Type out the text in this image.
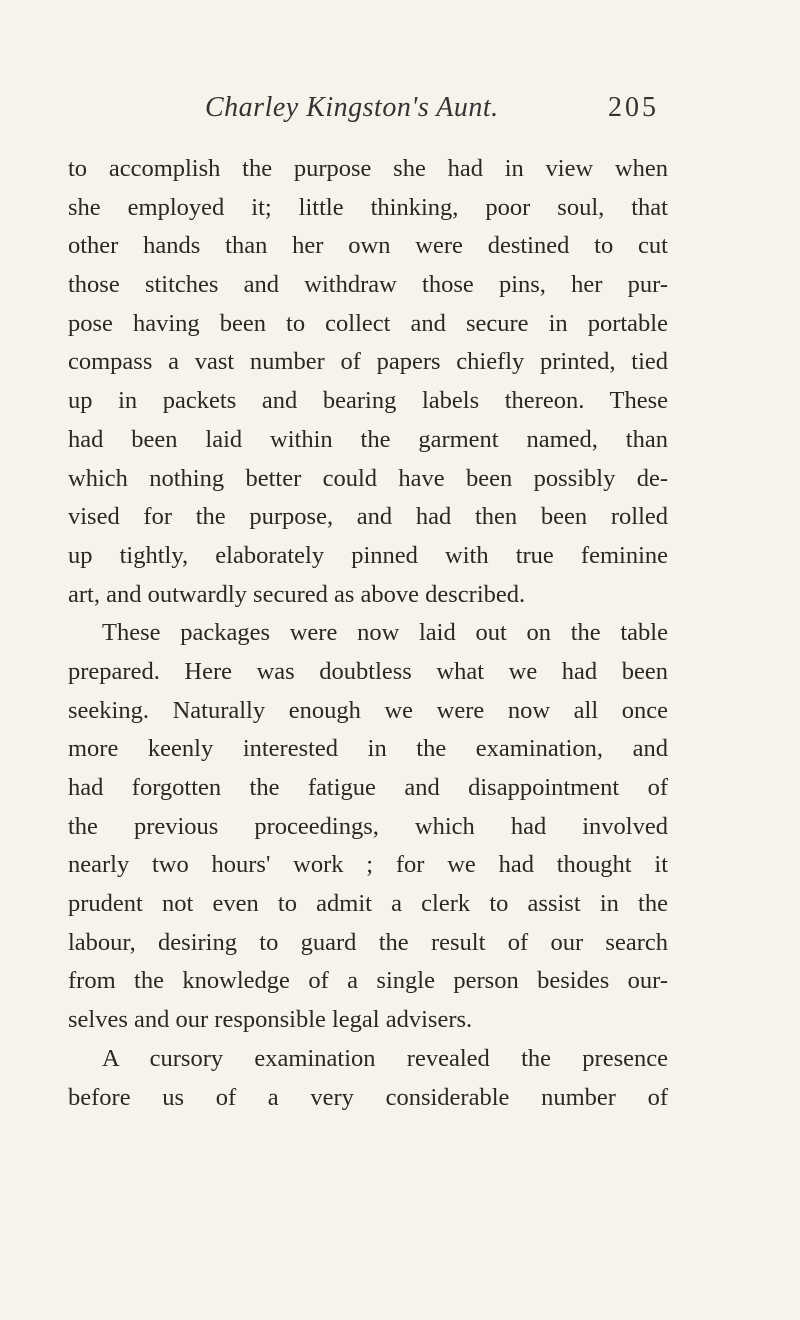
Charley Kingston's Aunt.	205
to accomplish the purpose she had in view when
she employed it; little thinking, poor soul, that
other hands than her own were destined to cut
those stitches and withdraw those pins, her pur-
pose having been to collect and secure in portable
compass a vast number of papers chiefly printed, tied
up in packets and bearing labels thereon. These
had been laid within the garment named, than
which nothing better could have been possibly de-
vised for the purpose, and had then been rolled
up tightly, elaborately pinned with true feminine
art, and outwardly secured as above described.
These packages were now laid out on the table
prepared. Here was doubtless what we had been
seeking. Naturally enough we were now all once
more keenly interested in the examination, and
had forgotten the fatigue and disappointment of
the previous proceedings, which had involved
nearly two hours' work ; for we had thought it
prudent not even to admit a clerk to assist in the
labour, desiring to guard the result of our search
from the knowledge of a single person besides our-
selves and our responsible legal advisers.
A cursory examination revealed the presence
before us of a very considerable number of
